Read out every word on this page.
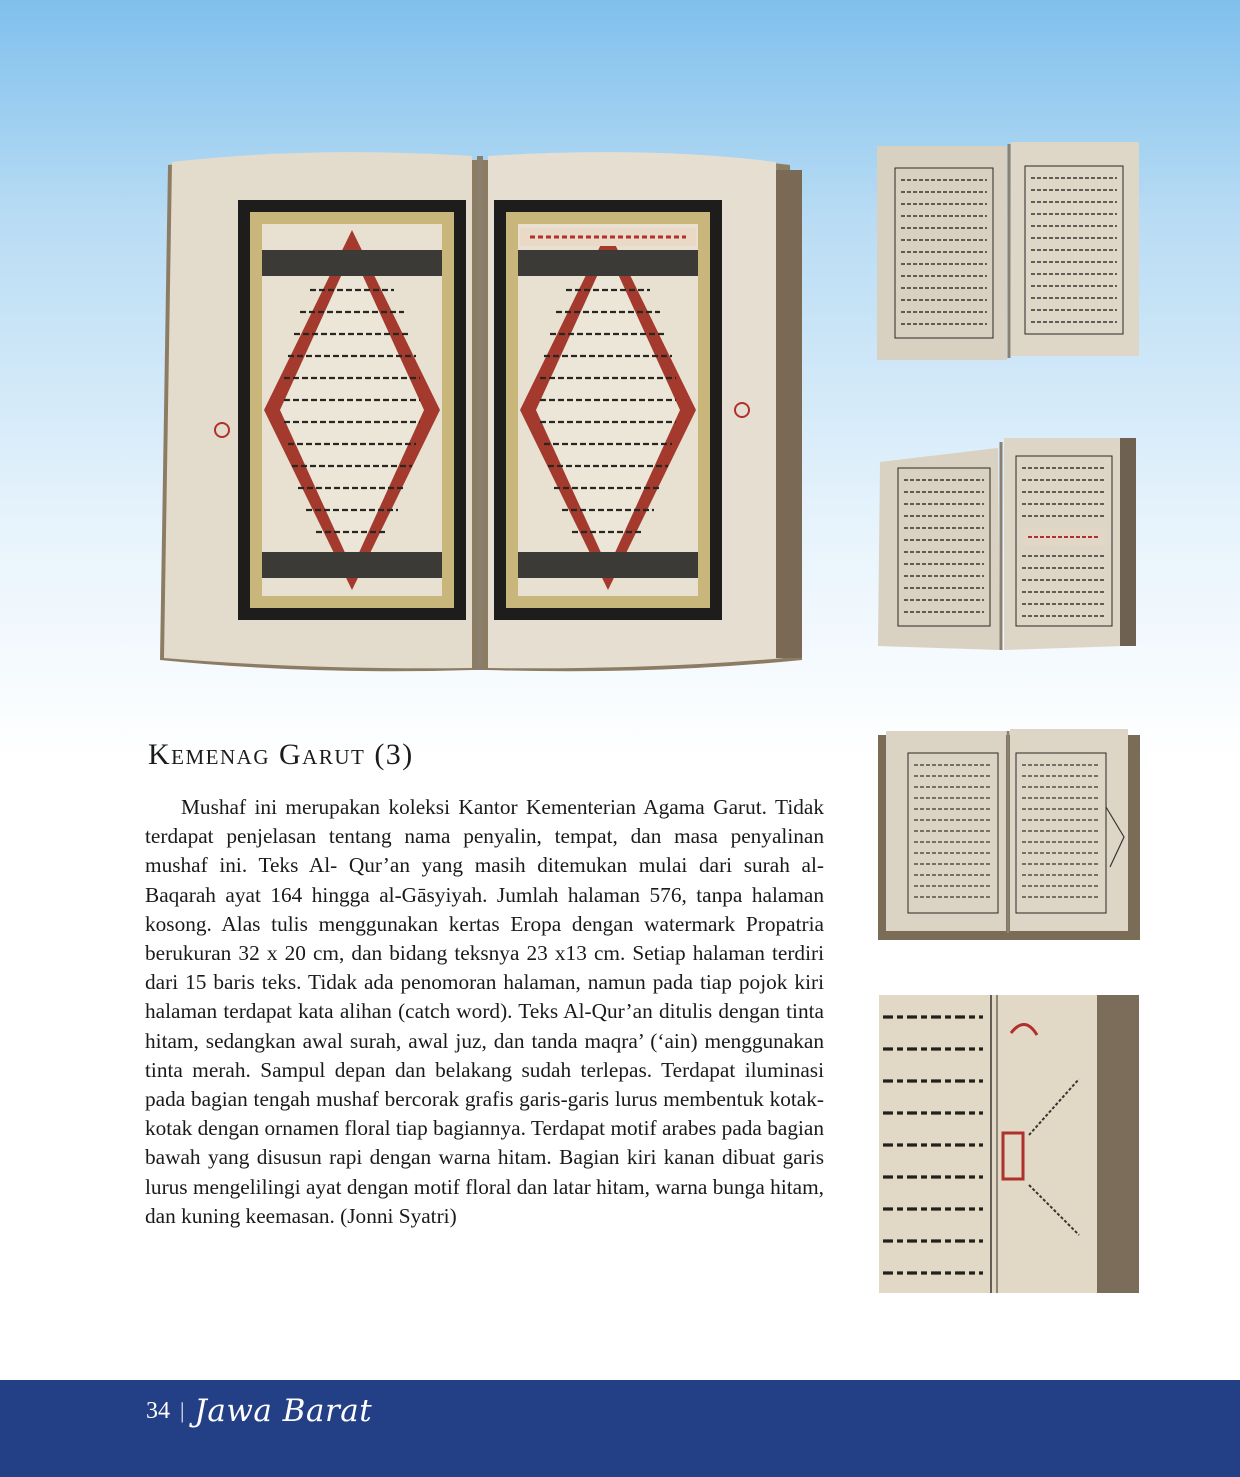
Kemenag Garut (3)

Mushaf ini merupakan koleksi Kantor Kementerian Agama Garut. Tidak terdapat penjelasan tentang nama penyalin, tempat, dan masa penyalinan mushaf ini. Teks Al- Qur’an yang masih ditemukan mulai dari surah al-Baqarah ayat 164 hingga al-Gāsyiyah. Jumlah halaman 576, tanpa halaman kosong. Alas tulis menggunakan kertas Eropa dengan watermark Propatria berukuran 32 x 20 cm, dan bidang teksnya 23 x13 cm. Setiap halaman terdiri dari 15 baris teks. Tidak ada penomoran halaman, namun pada tiap pojok kiri halaman terdapat kata alihan (catch word). Teks Al-Qur’an ditulis dengan tinta hitam, sedangkan awal surah, awal juz, dan tanda maqra’ (‘ain) menggunakan tinta merah. Sampul depan dan belakang sudah terlepas. Terdapat iluminasi pada bagian tengah mushaf bercorak grafis garis-garis lurus membentuk kotak-kotak dengan ornamen floral tiap bagiannya. Terdapat motif arabes pada bagian bawah yang disusun rapi dengan warna hitam. Bagian kiri kanan dibuat garis lurus mengelilingi ayat dengan motif floral dan latar hitam, warna bunga hitam, dan kuning keemasan. (Jonni Syatri)

34 | Jawa Barat
